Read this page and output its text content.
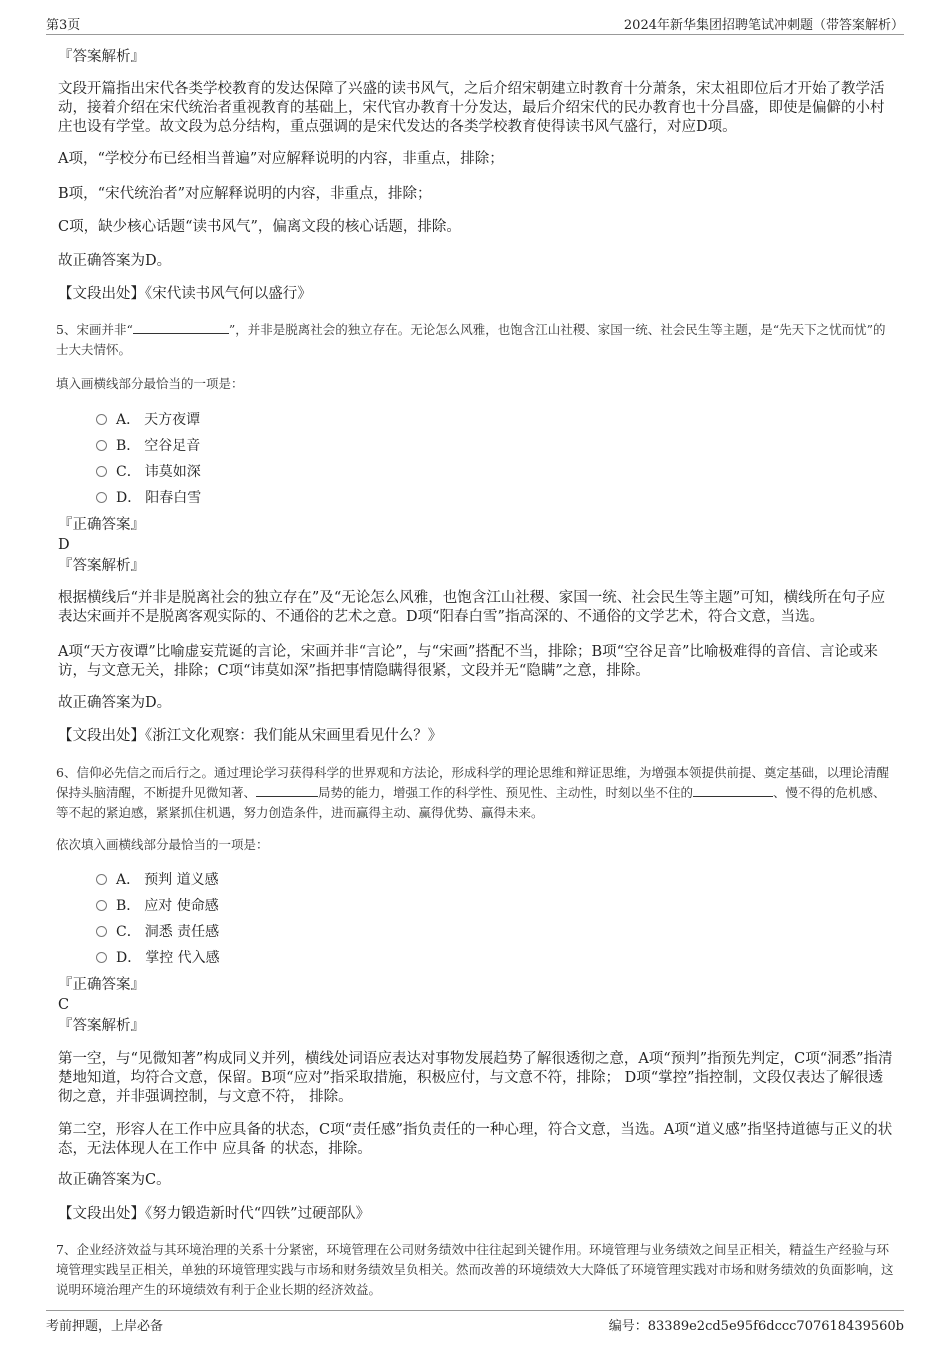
第3页	2024年新华集团招聘笔试冲刺题（带答案解析）
『答案解析』
文段开篇指出宋代各类学校教育的发达保障了兴盛的读书风气，之后介绍宋朝建立时教育十分萧条，宋太祖即位后才开始了教学活动，接着介绍在宋代统治者重视教育的基础上，宋代官办教育十分发达，最后介绍宋代的民办教育也十分昌盛，即使是偏僻的小村庄也设有学堂。故文段为总分结构，重点强调的是宋代发达的各类学校教育使得读书风气盛行，对应D项。
A项，“学校分布已经相当普遍”对应解释说明的内容，非重点，排除；
B项，“宋代统治者”对应解释说明的内容，非重点，排除；
C项，缺少核心话题“读书风气”，偏离文段的核心话题，排除。
故正确答案为D。
【文段出处】《宋代读书风气何以盛行》
5、宋画并非“	”，并非是脱离社会的独立存在。无论怎么风雅，也饱含江山社稷、家国一统、社会民生等主题，是“先天下之忧而忧”的士大夫情怀。
填入画横线部分最恰当的一项是：
A． 天方夜谭
B． 空谷足音
C． 讳莫如深
D． 阳春白雪
『正确答案』
D
『答案解析』
根据横线后“并非是脱离社会的独立存在”及“无论怎么风雅，也饱含江山社稷、家国一统、社会民生等主题”可知，横线所在句子应表达宋画并不是脱离客观实际的、不通俗的艺术之意。D项“阳春白雪”指高深的、不通俗的文学艺术，符合文意，当选。
A项“天方夜谭”比喻虚妄荒诞的言论，宋画并非“言论”，与“宋画”搭配不当，排除；B项“空谷足音”比喻极难得的音信、言论或来访，与文意无关，排除；C项“讳莫如深”指把事情隐瞒得很紧，文段并无“隐瞒”之意，排除。
故正确答案为D。
【文段出处】《浙江文化观察：我们能从宋画里看见什么？》
6、信仰必先信之而后行之。通过理论学习获得科学的世界观和方法论，形成科学的理论思维和辩证思维，为增强本领提供前提、奠定基础，以理论清醒保持头脑清醒，不断提升见微知著、	局势的能力，增强工作的科学性、预见性、主动性，时刻以坐不住的	、慢不得的危机感、等不起的紧迫感，紧紧抓住机遇，努力创造条件，进而赢得主动、赢得优势、赢得未来。
依次填入画横线部分最恰当的一项是：
A． 预判 道义感
B． 应对 使命感
C． 洞悉 责任感
D． 掌控 代入感
『正确答案』
C
『答案解析』
第一空，与“见微知著”构成同义并列，横线处词语应表达对事物发展趋势了解很透彻之意，A项“预判”指预先判定，C项“洞悉”指清楚地知道，均符合文意，保留。B项“应对”指采取措施，积极应付，与文意不符，排除； D项“掌控”指控制，文段仅表达了解很透彻之意，并非强调控制，与文意不符， 排除。
第二空，形容人在工作中应具备的状态，C项“责任感”指负责任的一种心理，符合文意，当选。A项“道义感”指坚持道德与正义的状态，无法体现人在工作中 应具备 的状态，排除。
故正确答案为C。
【文段出处】《努力锻造新时代“四铁”过硬部队》
7、企业经济效益与其环境治理的关系十分紧密，环境管理在公司财务绩效中往往起到关键作用。环境管理与业务绩效之间呈正相关，精益生产经验与环境管理实践呈正相关，单独的环境管理实践与市场和财务绩效呈负相关。然而改善的环境绩效大大降低了环境管理实践对市场和财务绩效的负面影响，这说明环境治理产生的环境绩效有利于企业长期的经济效益。
考前押题，上岸必备	编号：83389e2cd5e95f6dccc707618439560b
